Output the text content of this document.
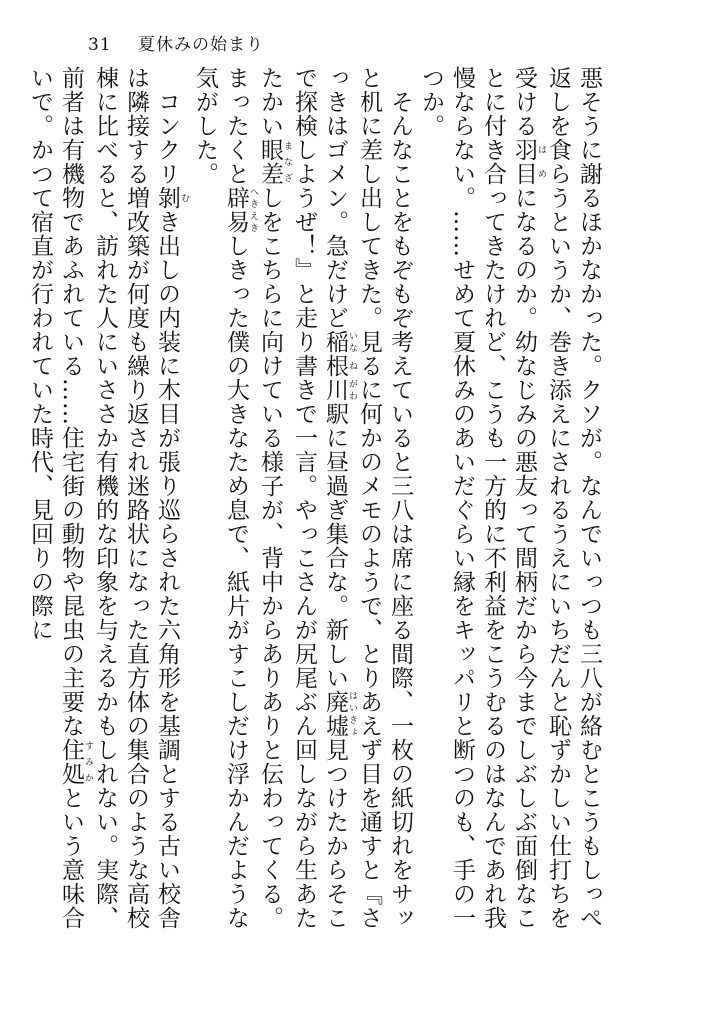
31 夏休みの始まり

悪そうに謝るほかなかった。クソが。なんでいっつも三八が絡むとこうもしっぺ返しを食らうというか、巻き添えにされるうえにいちだんと恥ずかしい仕打ちを受ける羽目 はめになるのか。幼なじみの悪友って間柄だから今までしぶしぶ面倒なことに付き合ってきたけれど、こうも一方的に不利益をこうむるのはなんであれ我慢ならない。……せめて夏休みのあいだぐらい縁をキッパリと断つのも、手の一つか。

　そんなことをもぞもぞ考えていると三八は席に座る間際、一枚の紙切れをサッと机に差し出してきた。見るに何かのメモのようで、とりあえず目を通すと『さっきはゴメン。急だけど稲 いな根 ね川 がわ駅に昼過ぎ集合な。新しい廃墟 はいきょ見つけたからそこで探検しようぜ！』と走り書きで一言。やっこさんが尻尾ぶん回しながら生あたたかい眼差 まなざしをこちらに向けている様子が、背中からありありと伝わってくる。まったくと辟易 へきえきしきった僕の大きなため息で、紙片がすこしだけ浮かんだような気がした。

　コンクリ剝 むき出しの内装に木目が張り巡らされた六角形を基調とする古い校舎は隣接する増改築が何度も繰り返され迷路状になった直方体の集合のような高校棟に比べると、訪れた人にいささか有機的な印象を与えるかもしれない。実際、前者は有機物であふれている……住宅街の動物や昆虫の主要な住処 すみかという意味合いで。かつて宿直が行われていた時代、見回りの際に
